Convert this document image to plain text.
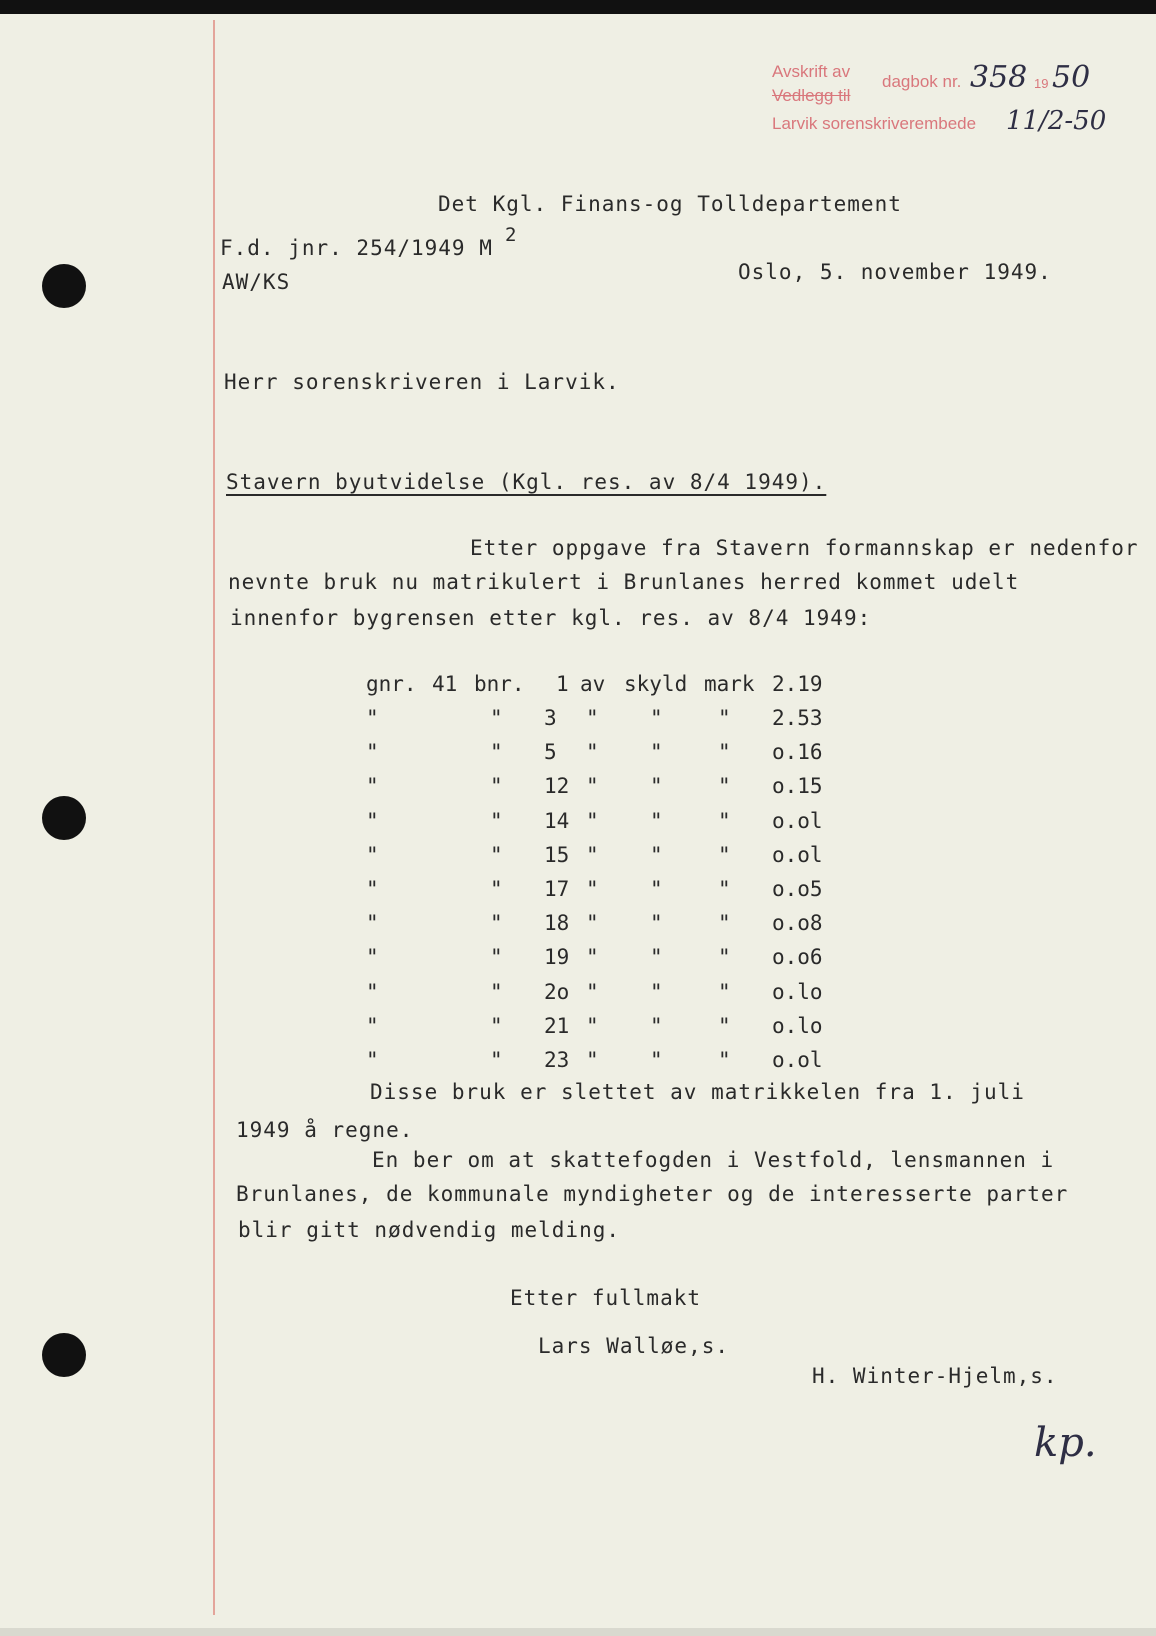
Avskrift av
dagbok nr.
Vedlegg til
Larvik sorenskriverembede
358 19 50
11/2-50
Det Kgl. Finans-og Tolldepartement
F.d. jnr. 254/1949 M
2
AW/KS	Oslo, 5. november 1949.
Herr sorenskriveren i Larvik.
Stavern byutvidelse (Kgl. res. av 8/4 1949).
Etter oppgave fra Stavern formannskap er nedenfor
nevnte bruk nu matrikulert i Brunlanes herred kommet udelt
innenfor bygrensen etter kgl. res. av 8/4 1949:
gnr. 41 bnr. 1 av skyld mark 2.19
"	" 3 " "	" 2.53
"	" 5 " "	" o.16
"	" 12 " "	" o.15
"	" 14 " "	" o.ol
"	" 15 " "	" o.ol
"	" 17 " "	" o.o5
"	" 18 " "	" o.o8
"	" 19 " "	" o.o6
"	" 2o " "	" o.lo
"	" 21 " "	" o.lo
"	" 23 " "	" o.ol
Disse bruk er slettet av matrikkelen fra 1. juli
1949 å regne.
En ber om at skattefogden i Vestfold, lensmannen i
Brunlanes, de kommunale myndigheter og de interesserte parter
blir gitt nødvendig melding.
Etter fullmakt
Lars Walløe,s.
H. Winter-Hjelm,s.
kp.
